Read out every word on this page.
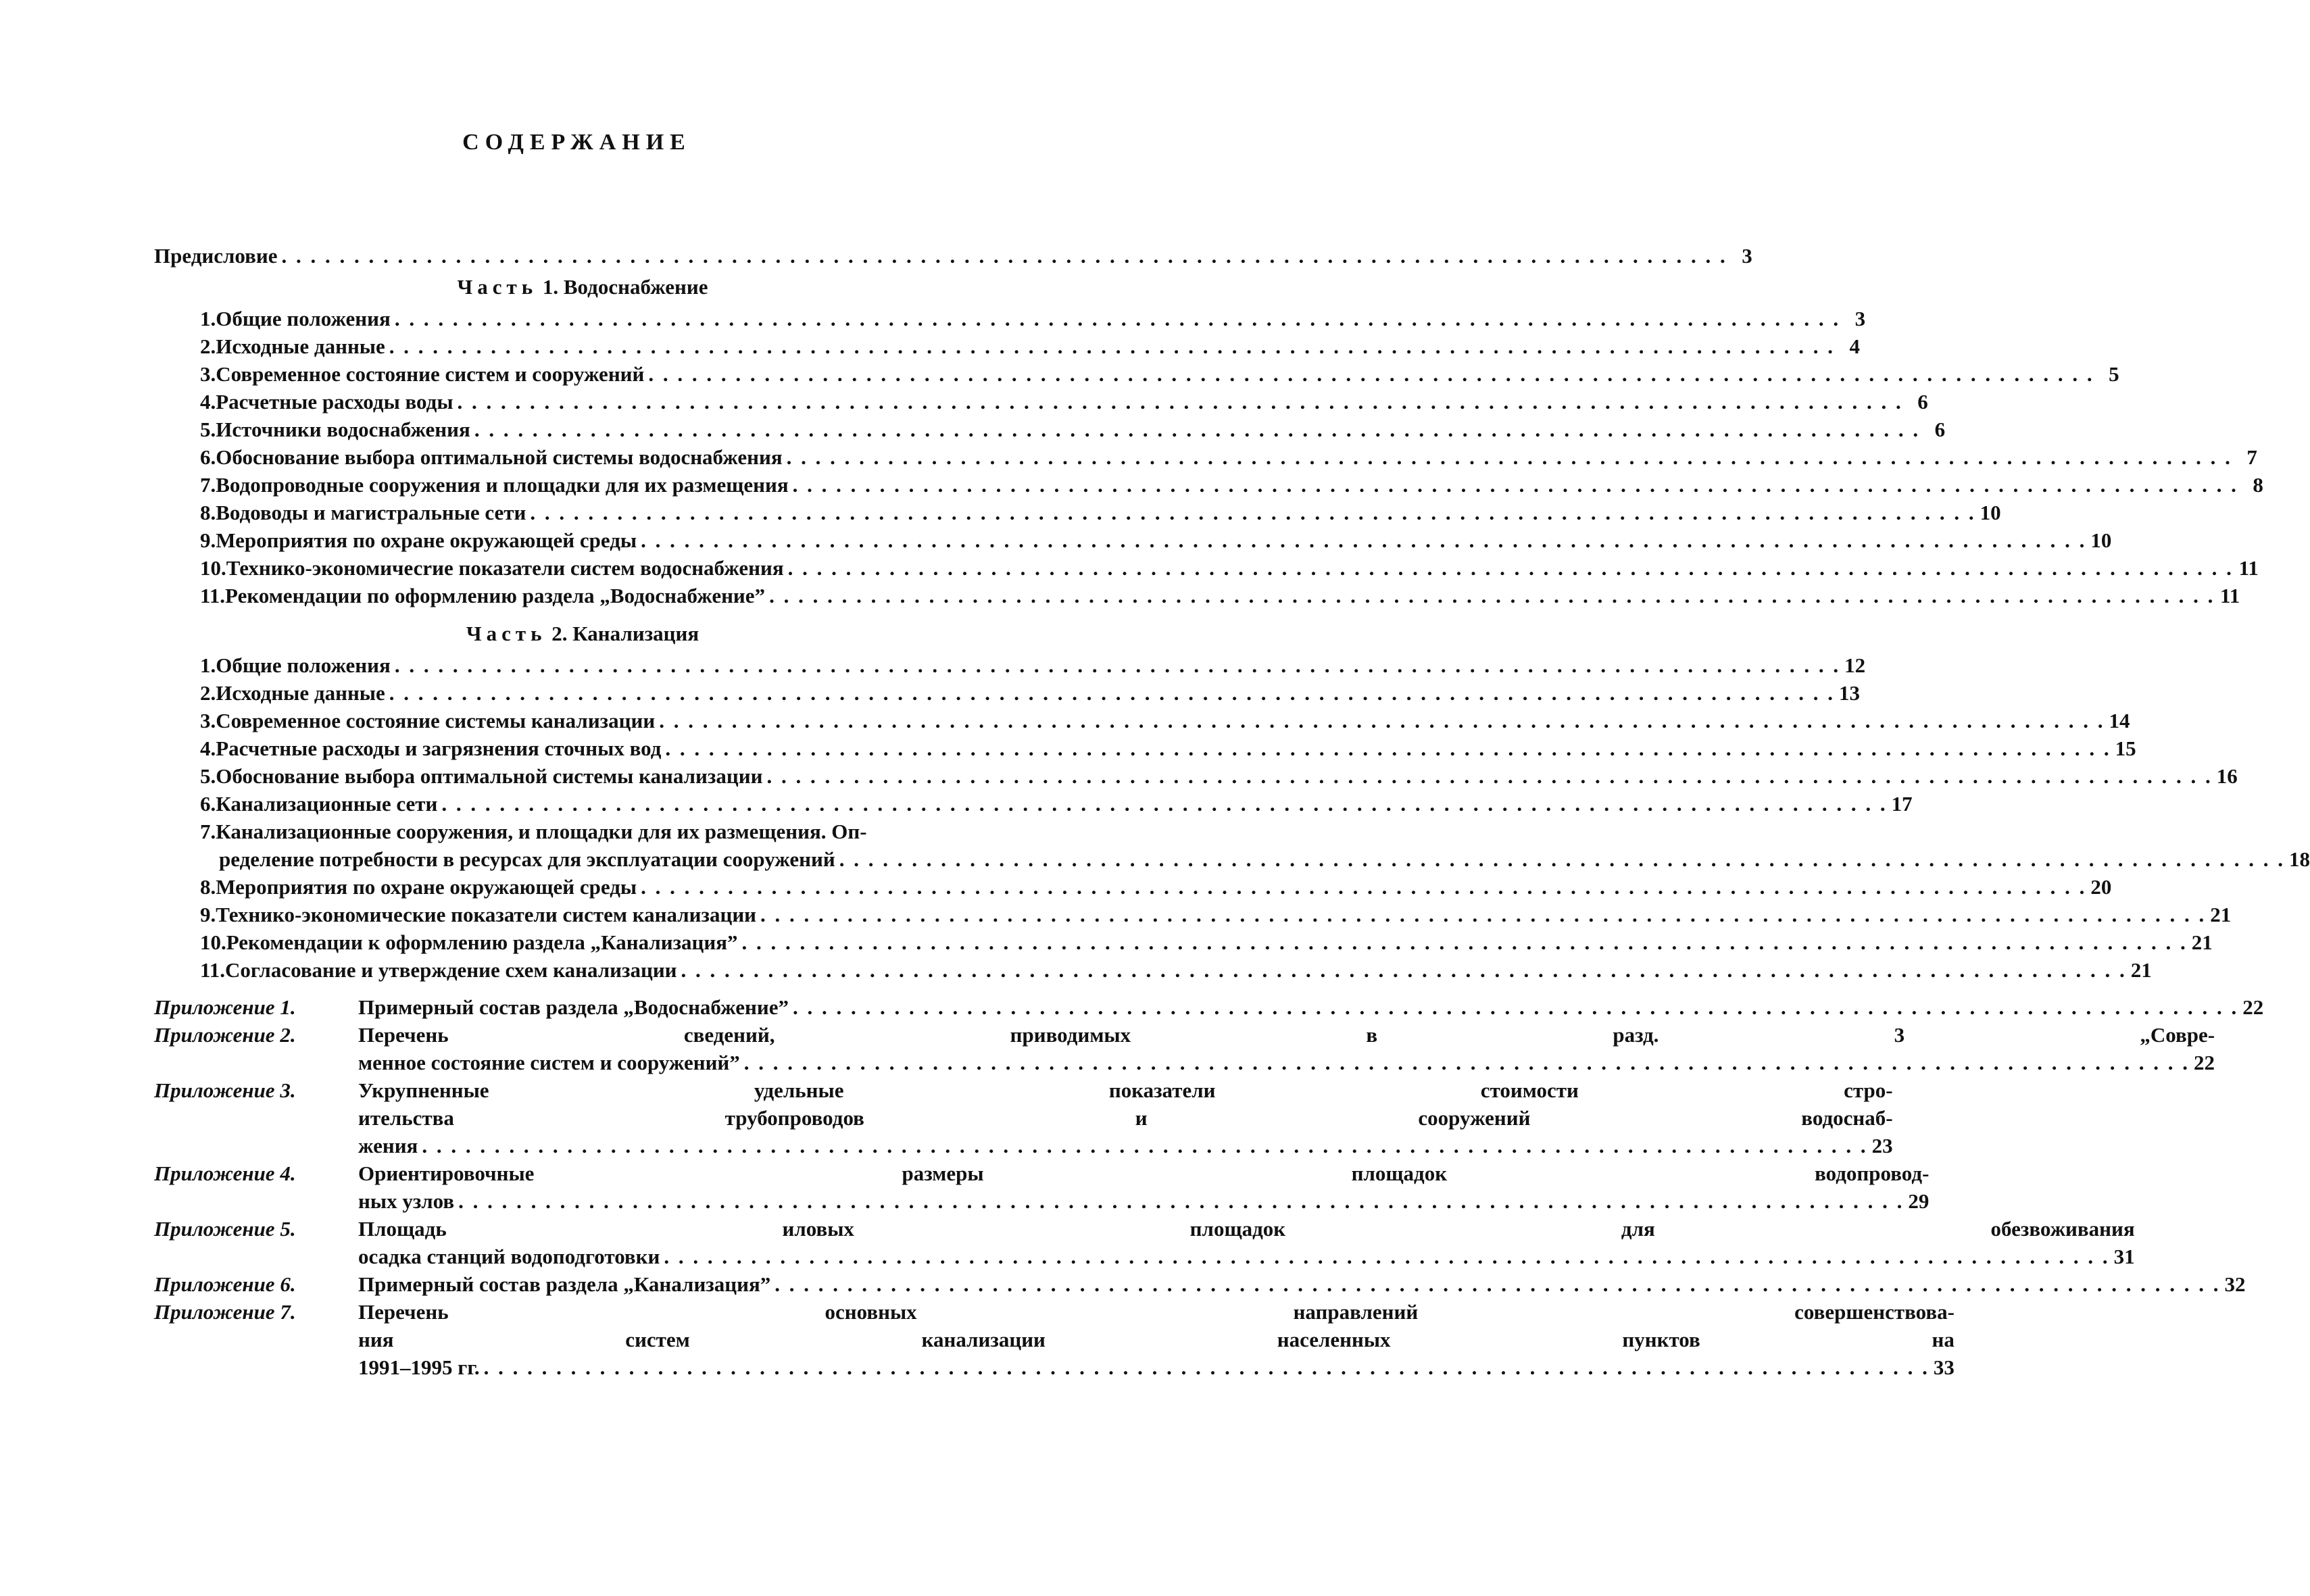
СОДЕРЖАНИЕ
Предисловие . . .	3
Часть 1. Водоснабжение
1. Общие положения . . .	3
2. Исходные данные . . .	4
3. Современное состояние систем и сооружений . . .	5
4. Расчетные расходы воды . . .	6
5. Источники водоснабжения . . .	6
6. Обоснование выбора оптимальной системы водоснабжения . . .	7
7. Водопроводные сооружения и площадки для их размещения . . .	8
8. Водоводы и магистральные сети . . .	10
9. Мероприятия по охране окружающей среды . . .	10
10. Технико-экономичесrие показатели систем водоснабжения . . .	11
11. Рекомендации по оформлению раздела „Водоснабжение” . . .	11
Часть 2. Канализация
1. Общие положения . . .	12
2. Исходные данные . . .	13
3. Современное состояние системы канализации . . .	14
4. Расчетные расходы и загрязнения сточных вод . . .	15
5. Обоснование выбора оптимальной системы канализации . . .	16
6. Канализационные сети . . .	17
7. Канализационные сооружения, и площадки для их размещения. Оп-
ределение потребности в ресурсах для эксплуатации сооружений . . .	18
8. Мероприятия по охране окружающей среды . . .	20
9. Технико-экономические показатели систем канализации . . .	21
10. Рекомендации к оформлению раздела „Канализация” . . .	21
11. Согласование и утверждение схем канализации . . .	21
Приложение 1.	Примерный состав раздела „Водоснабжение” . . .	22
Приложение 2.	Перечень сведений, приводимых в разд. 3 „Совре-
менное состояние систем и сооружений” . . .	22
Приложение 3.	Укрупненные удельные показатели стоимости стро-
ительства трубопроводов и сооружений водоснаб-
жения . . .	23
Приложение 4.	Ориентировочные размеры площадок водопровод-
ных узлов . . .	29
Приложение 5.	Площадь иловых площадок для обезвоживания
осадка станций водоподготовки . . .	31
Приложение 6.	Примерный состав раздела „Канализация” . . .	32
Приложение 7.	Перечень основных направлений совершенствова-
ния систем канализации населенных пунктов на
1991–1995 гг. . . .	33
